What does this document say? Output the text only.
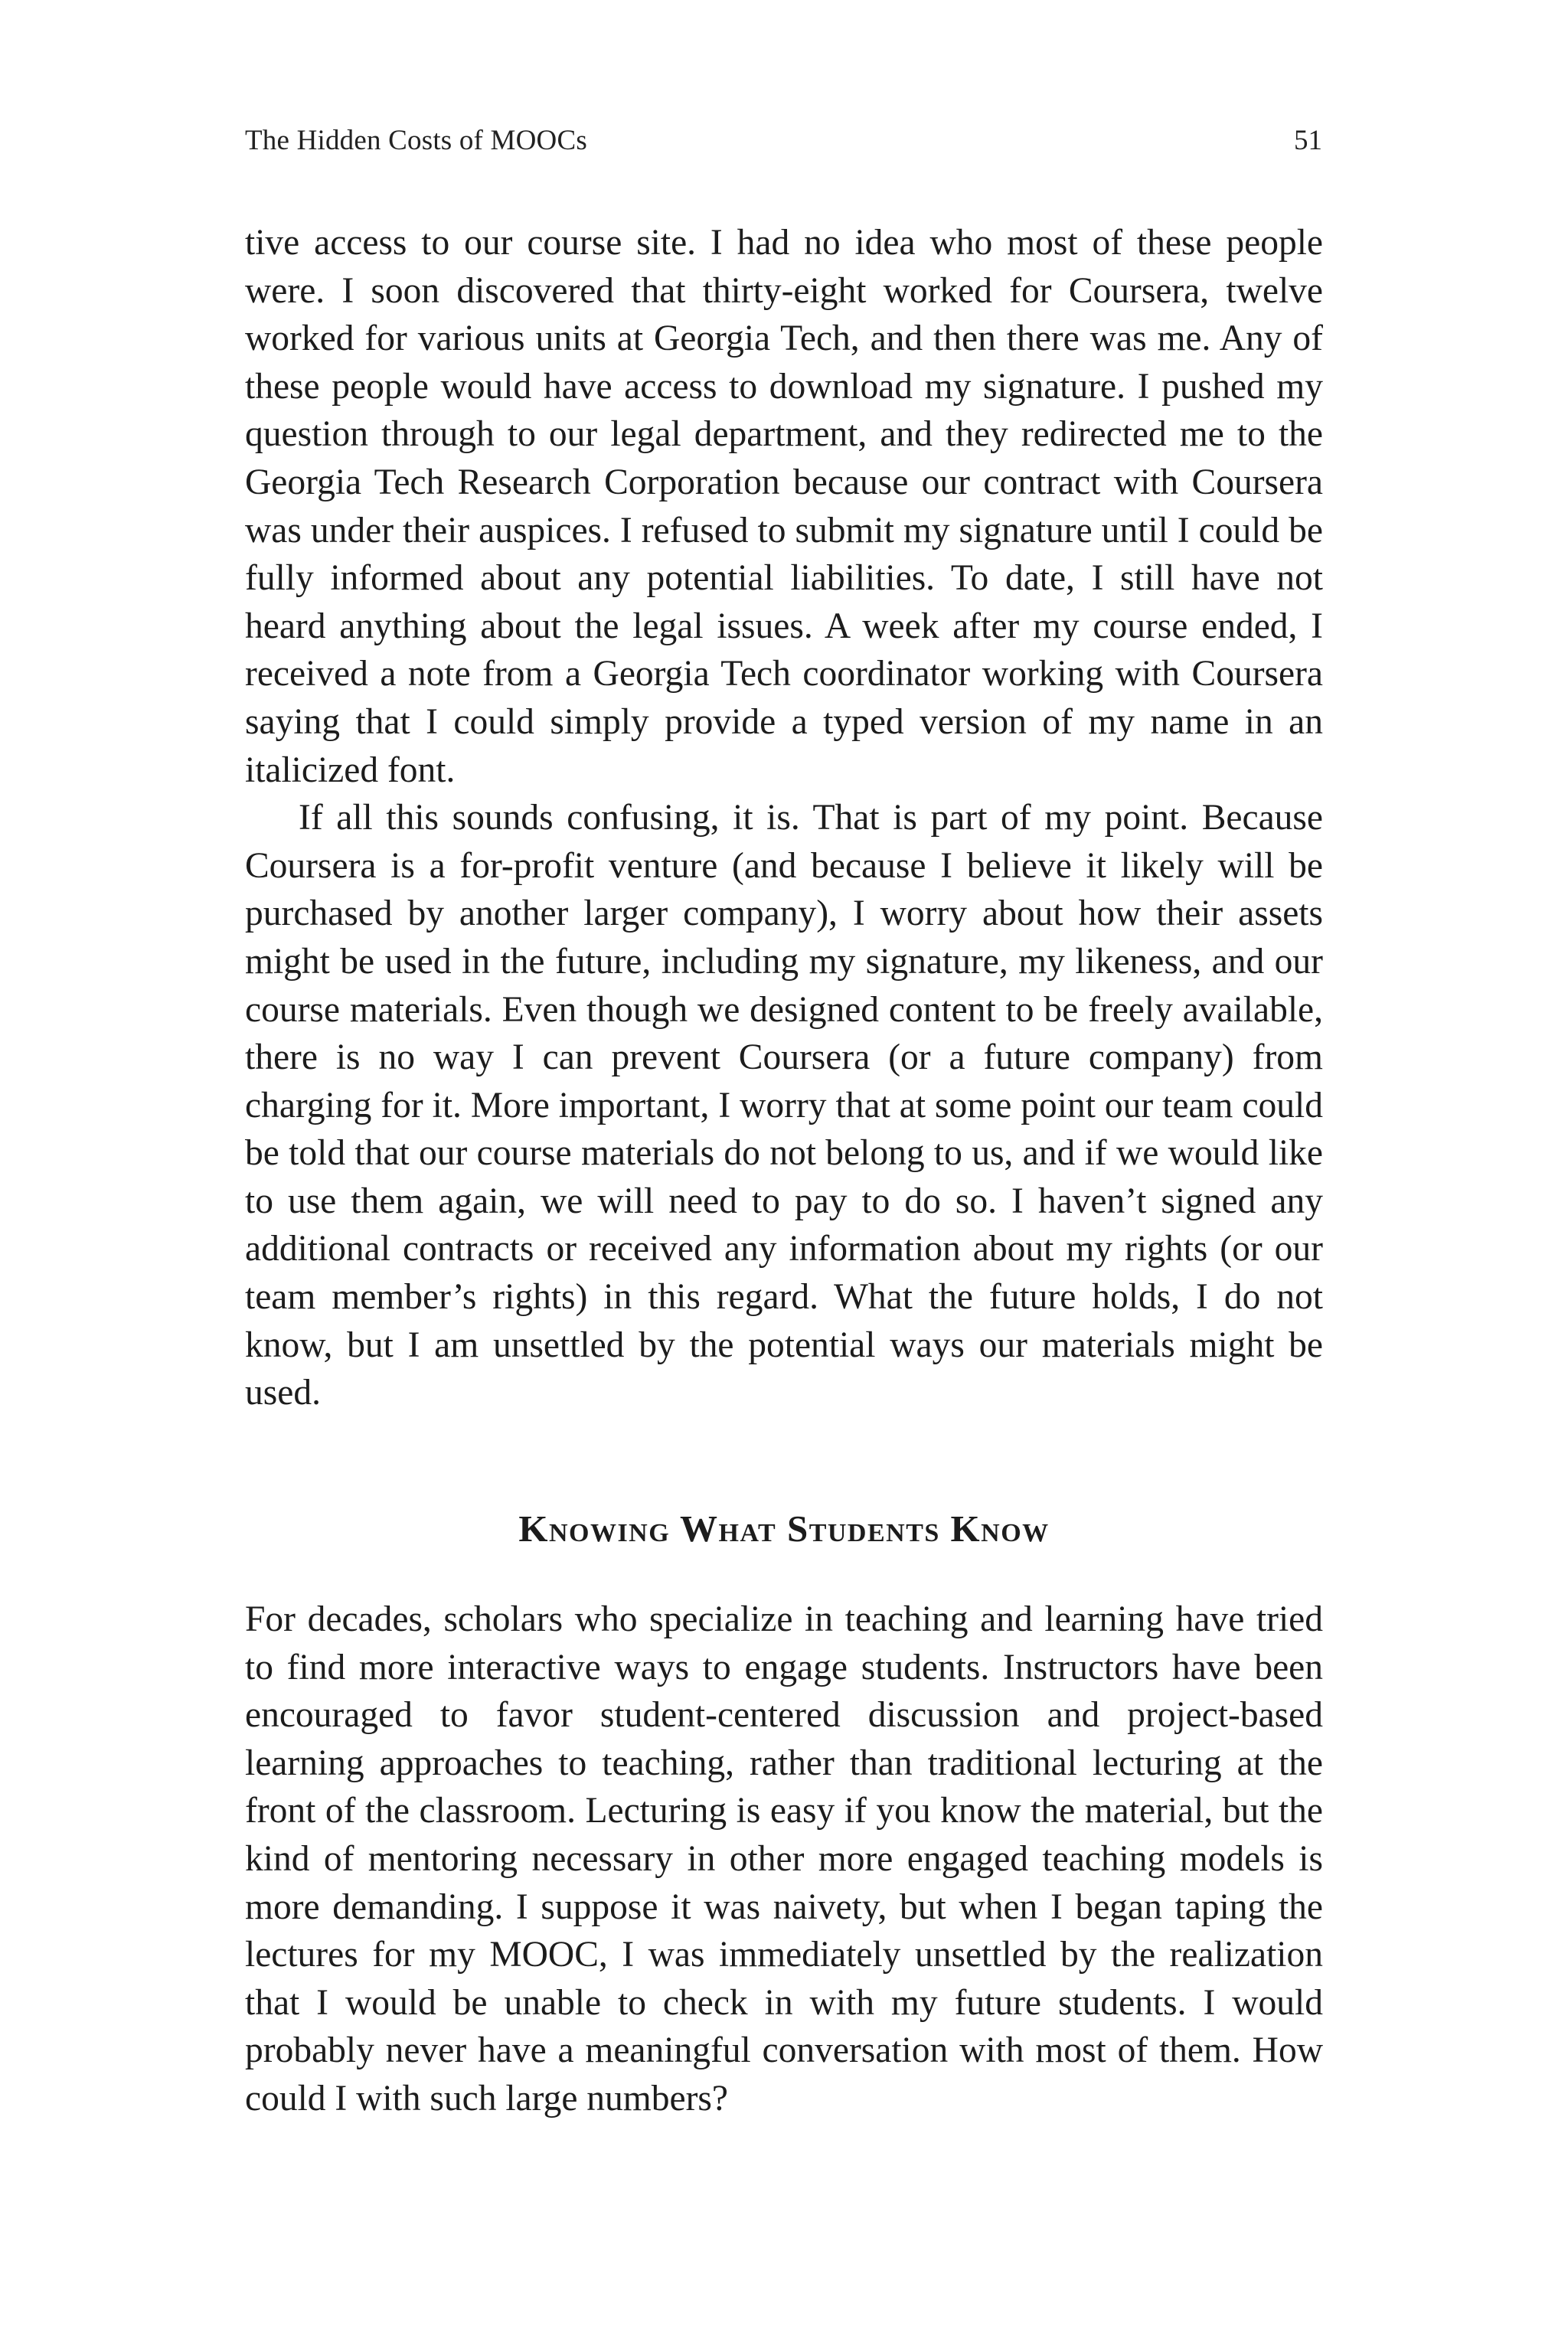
The Hidden Costs of MOOCs	51

tive access to our course site. I had no idea who most of these people were. I soon discovered that thirty-eight worked for Coursera, twelve worked for various units at Georgia Tech, and then there was me. Any of these people would have access to download my signature. I pushed my question through to our legal department, and they redirected me to the Georgia Tech Research Corporation because our contract with Coursera was under their auspices. I refused to submit my signature until I could be fully informed about any potential liabilities. To date, I still have not heard anything about the legal issues. A week after my course ended, I received a note from a Georgia Tech coordinator working with Coursera saying that I could simply provide a typed version of my name in an italicized font.

If all this sounds confusing, it is. That is part of my point. Because Coursera is a for-profit venture (and because I believe it likely will be purchased by another larger company), I worry about how their assets might be used in the future, including my signature, my likeness, and our course materials. Even though we designed content to be freely available, there is no way I can prevent Coursera (or a future company) from charging for it. More important, I worry that at some point our team could be told that our course materials do not belong to us, and if we would like to use them again, we will need to pay to do so. I haven’t signed any additional contracts or received any information about my rights (or our team member’s rights) in this regard. What the future holds, I do not know, but I am unsettled by the potential ways our materials might be used.

Knowing What Students Know

For decades, scholars who specialize in teaching and learning have tried to find more interactive ways to engage students. Instructors have been encouraged to favor student-centered discussion and project-based learning approaches to teaching, rather than traditional lecturing at the front of the classroom. Lecturing is easy if you know the material, but the kind of mentoring necessary in other more engaged teaching models is more demanding. I suppose it was naivety, but when I began taping the lectures for my MOOC, I was immediately unsettled by the realization that I would be unable to check in with my future students. I would probably never have a meaningful conversation with most of them. How could I with such large numbers?
